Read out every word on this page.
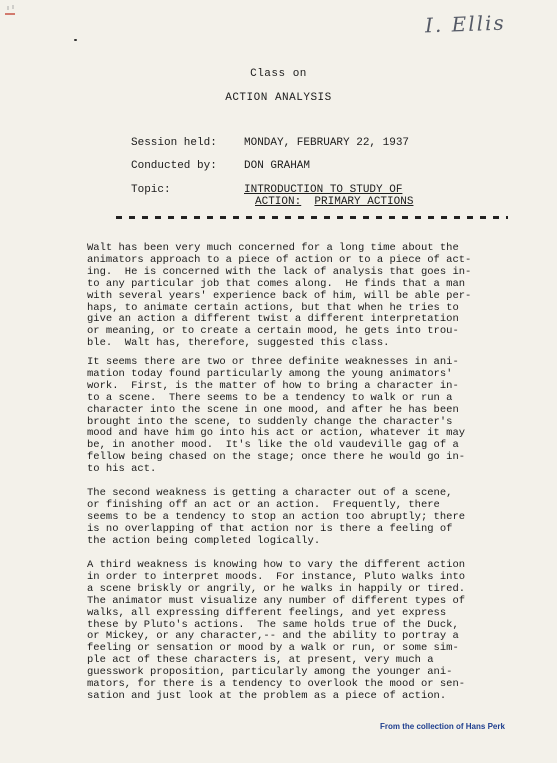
I. Ellis
Class on
ACTION ANALYSIS
Session held: MONDAY, FEBRUARY 22, 1937
Conducted by: DON GRAHAM
Topic:	INTRODUCTION TO STUDY OF
ACTION: PRIMARY ACTIONS
Walt has been very much concerned for a long time about the
animators approach to a piece of action or to a piece of act-
ing.  He is concerned with the lack of analysis that goes in-
to any particular job that comes along.  He finds that a man
with several years' experience back of him, will be able per-
haps, to animate certain actions, but that when he tries to
give an action a different twist a different interpretation
or meaning, or to create a certain mood, he gets into trou-
ble.  Walt has, therefore, suggested this class.
It seems there are two or three definite weaknesses in ani-
mation today found particularly among the young animators'
work.  First, is the matter of how to bring a character in-
to a scene.  There seems to be a tendency to walk or run a
character into the scene in one mood, and after he has been
brought into the scene, to suddenly change the character's
mood and have him go into his act or action, whatever it may
be, in another mood.  It's like the old vaudeville gag of a
fellow being chased on the stage; once there he would go in-
to his act.
The second weakness is getting a character out of a scene,
or finishing off an act or an action.  Frequently, there
seems to be a tendency to stop an action too abruptly; there
is no overlapping of that action nor is there a feeling of
the action being completed logically.
A third weakness is knowing how to vary the different action
in order to interpret moods.  For instance, Pluto walks into
a scene briskly or angrily, or he walks in happily or tired.
The animator must visualize any number of different types of
walks, all expressing different feelings, and yet express
these by Pluto's actions.  The same holds true of the Duck,
or Mickey, or any character,-- and the ability to portray a
feeling or sensation or mood by a walk or run, or some sim-
ple act of these characters is, at present, very much a
guesswork proposition, particularly among the younger ani-
mators, for there is a tendency to overlook the mood or sen-
sation and just look at the problem as a piece of action.
From the collection of Hans Perk
